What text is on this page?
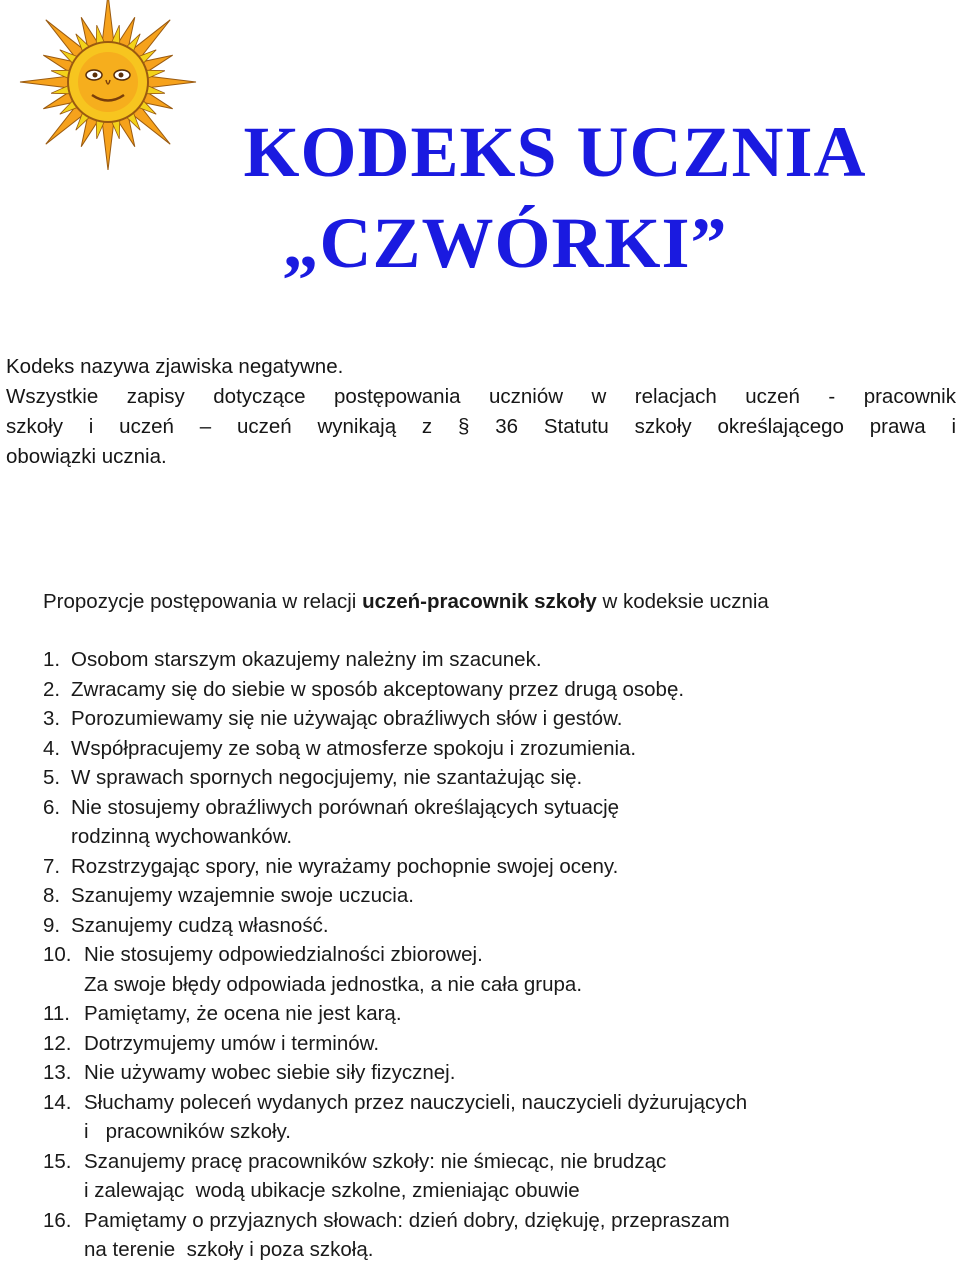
KODEKS UCZNIA
„CZWÓRKI”
Kodeks nazywa zjawiska negatywne.
Wszystkie zapisy dotyczące postępowania uczniów w relacjach uczeń - pracownik
szkoły i uczeń – uczeń wynikają z § 36 Statutu szkoły określającego prawa i
obowiązki ucznia.
Propozycje postępowania w relacji uczeń-pracownik szkoły w kodeksie ucznia
1. Osobom starszym okazujemy należny im szacunek.
2. Zwracamy się do siebie w sposób akceptowany przez drugą osobę.
3. Porozumiewamy się nie używając obraźliwych słów i gestów.
4. Współpracujemy ze sobą w atmosferze spokoju i zrozumienia.
5. W sprawach spornych negocjujemy, nie szantażując się.
6. Nie stosujemy obraźliwych porównań określających sytuację
rodzinną wychowanków.
7. Rozstrzygając spory, nie wyrażamy pochopnie swojej oceny.
8. Szanujemy wzajemnie swoje uczucia.
9. Szanujemy cudzą własność.
10. Nie stosujemy odpowiedzialności zbiorowej.
Za swoje błędy odpowiada jednostka, a nie cała grupa.
11. Pamiętamy, że ocena nie jest karą.
12. Dotrzymujemy umów i terminów.
13. Nie używamy wobec siebie siły fizycznej.
14. Słuchamy poleceń wydanych przez nauczycieli, nauczycieli dyżurujących
i   pracowników szkoły.
15. Szanujemy pracę pracowników szkoły: nie śmiecąc, nie brudząc
i zalewając  wodą ubikacje szkolne, zmieniając obuwie
16. Pamiętamy o przyjaznych słowach: dzień dobry, dziękuję, przepraszam
na terenie  szkoły i poza szkołą.
